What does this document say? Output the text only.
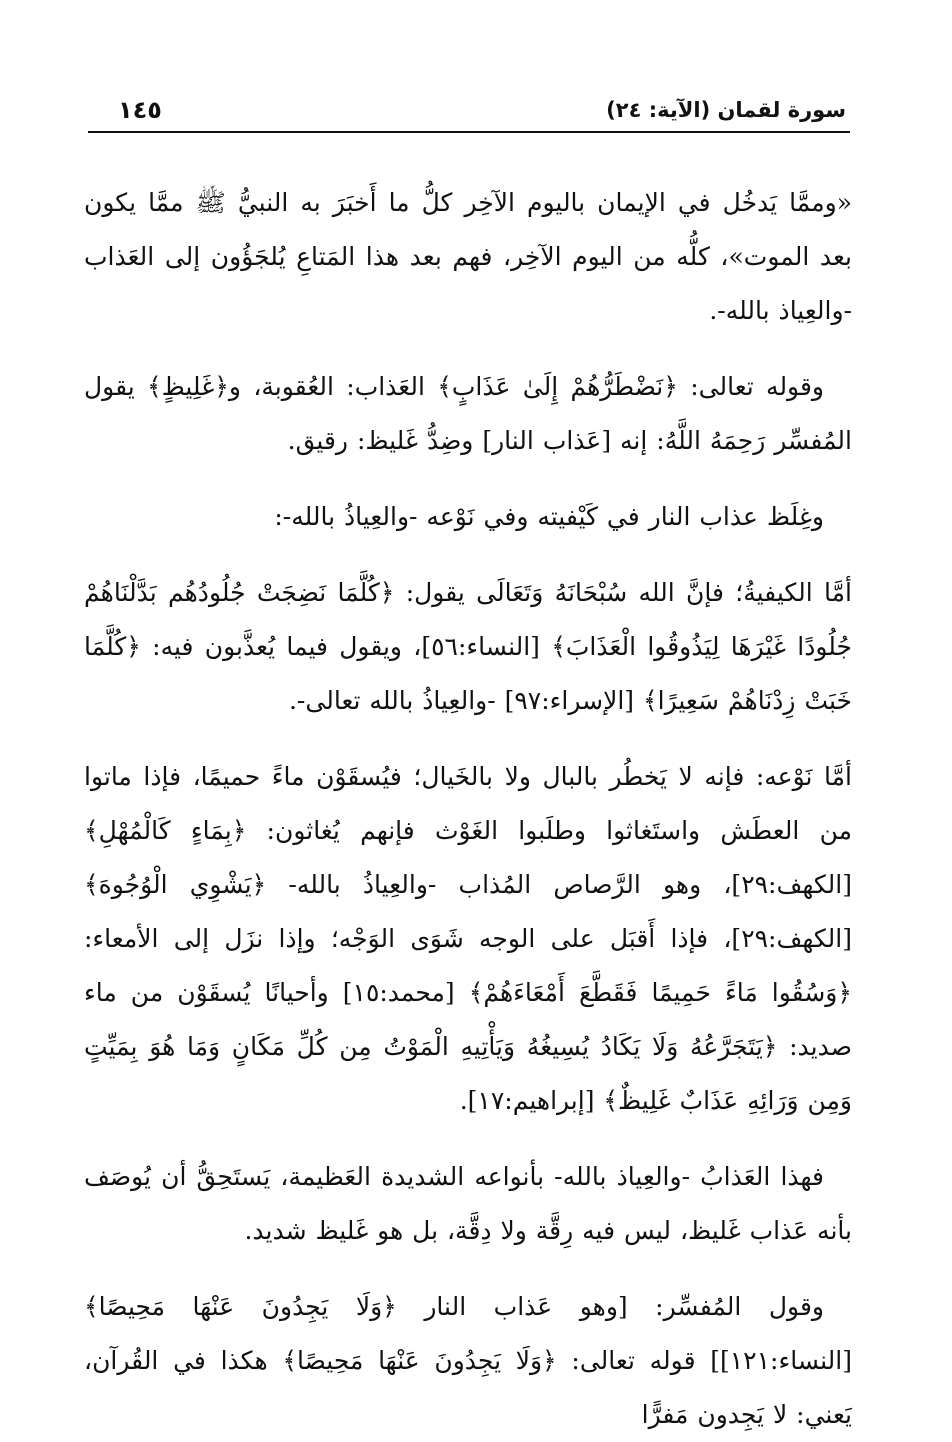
سورة لقمان (الآية: ٢٤)
١٤٥

«وممَّا يَدخُل في الإيمان باليوم الآخِر كلُّ ما أَخبَرَ به النبيُّ ﷺ ممَّا يكون بعد الموت»، كلُّه من اليوم الآخِر، فهم بعد هذا المَتاعِ يُلجَؤُون إلى العَذاب -والعِياذ بالله-.

وقوله تعالى: ﴿نَضْطَرُّهُمْ إِلَىٰ عَذَابٍ﴾ العَذاب: العُقوبة، و﴿غَلِيظٍ﴾ يقول المُفسِّر رَحِمَهُ اللَّهُ: إنه [عَذاب النار] وضِدُّ غَليظ: رقيق.

وغِلَظ عذاب النار في كَيْفيته وفي نَوْعه -والعِياذُ بالله-:

أمَّا الكيفيةُ؛ فإنَّ الله سُبْحَانَهُ وَتَعَالَى يقول: ﴿كُلَّمَا نَضِجَتْ جُلُودُهُم بَدَّلْنَاهُمْ جُلُودًا غَيْرَهَا لِيَذُوقُوا الْعَذَابَ﴾ [النساء:٥٦]، ويقول فيما يُعذَّبون فيه: ﴿كُلَّمَا خَبَتْ زِدْنَاهُمْ سَعِيرًا﴾ [الإسراء:٩٧] -والعِياذُ بالله تعالى-.

أمَّا نَوْعه: فإنه لا يَخطُر بالبال ولا بالخَيال؛ فيُسقَوْن ماءً حميمًا، فإذا ماتوا من العطَش واستَغاثوا وطلَبوا الغَوْث فإنهم يُغاثون: ﴿بِمَاءٍ كَالْمُهْلِ﴾ [الكهف:٢٩]، وهو الرَّصاص المُذاب -والعِياذُ بالله- ﴿يَشْوِي الْوُجُوهَ﴾ [الكهف:٢٩]، فإذا أَقبَل على الوجه شَوَى الوَجْه؛ وإذا نزَل إلى الأمعاء: ﴿وَسُقُوا مَاءً حَمِيمًا فَقَطَّعَ أَمْعَاءَهُمْ﴾ [محمد:١٥] وأحيانًا يُسقَوْن من ماء صديد: ﴿يَتَجَرَّعُهُ وَلَا يَكَادُ يُسِيغُهُ وَيَأْتِيهِ الْمَوْتُ مِن كُلِّ مَكَانٍ وَمَا هُوَ بِمَيِّتٍ وَمِن وَرَائِهِ عَذَابٌ غَلِيظٌ﴾ [إبراهيم:١٧].

فهذا العَذابُ -والعِياذ بالله- بأنواعه الشديدة العَظيمة، يَستَحِقُّ أن يُوصَف بأنه عَذاب غَليظ، ليس فيه رِقَّة ولا دِقَّة، بل هو غَليظ شديد.

وقول المُفسِّر: [وهو عَذاب النار ﴿وَلَا يَجِدُونَ عَنْهَا مَحِيصًا﴾ [النساء:١٢١]] قوله تعالى: ﴿وَلَا يَجِدُونَ عَنْهَا مَحِيصًا﴾ هكذا في القُرآن، يَعني: لا يَجِدون مَفرًّا
